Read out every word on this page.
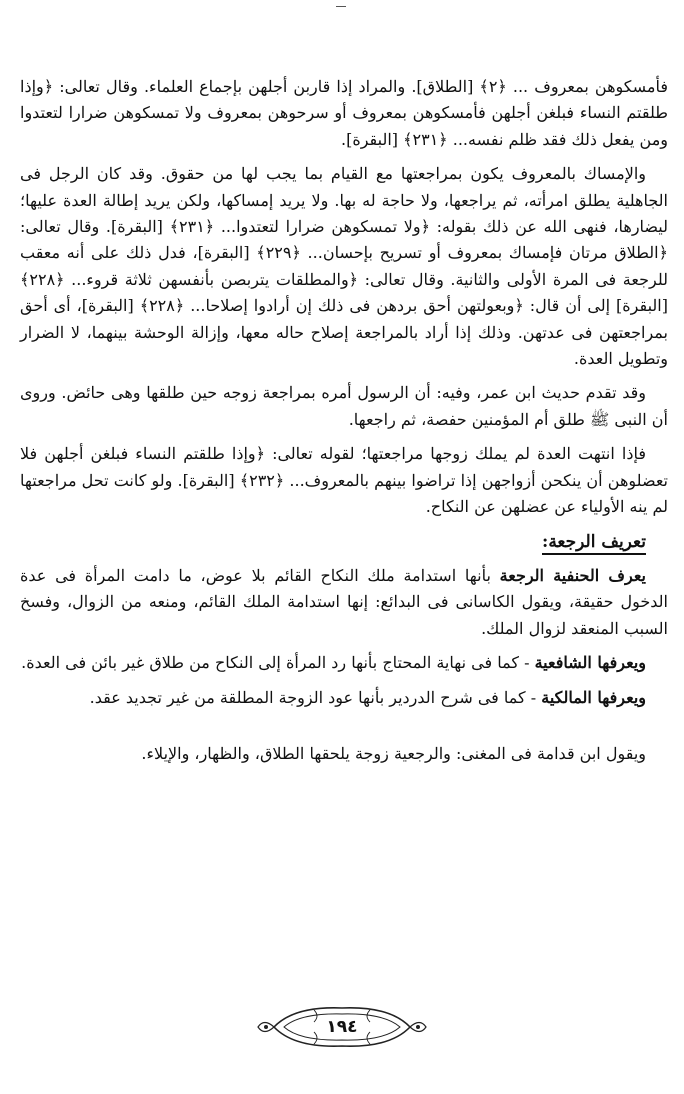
فأمسكوهن بمعروف ... ﴿٢﴾ [الطلاق]. والمراد إذا قاربن أجلهن بإجماع العلماء. وقال تعالى: ﴿وإذا طلقتم النساء فبلغن أجلهن فأمسكوهن بمعروف أو سرحوهن بمعروف ولا تمسكوهن ضرارا لتعتدوا ومن يفعل ذلك فقد ظلم نفسه... ﴿٢٣١﴾ [البقرة].

والإمساك بالمعروف يكون بمراجعتها مع القيام بما يجب لها من حقوق. وقد كان الرجل فى الجاهلية يطلق امرأته، ثم يراجعها، ولا حاجة له بها. ولا يريد إمساكها، ولكن يريد إطالة العدة عليها؛ ليضارها، فنهى الله عن ذلك بقوله: ﴿ولا تمسكوهن ضرارا لتعتدوا... ﴿٢٣١﴾ [البقرة]. وقال تعالى: ﴿الطلاق مرتان فإمساك بمعروف أو تسريح بإحسان... ﴿٢٢٩﴾ [البقرة]، فدل ذلك على أنه معقب للرجعة فى المرة الأولى والثانية. وقال تعالى: ﴿والمطلقات يتربصن بأنفسهن ثلاثة قروء... ﴿٢٢٨﴾ [البقرة] إلى أن قال: ﴿وبعولتهن أحق بردهن فى ذلك إن أرادوا إصلاحا... ﴿٢٢٨﴾ [البقرة]، أى أحق بمراجعتهن فى عدتهن. وذلك إذا أراد بالمراجعة إصلاح حاله معها، وإزالة الوحشة بينهما، لا الضرار وتطويل العدة.

وقد تقدم حديث ابن عمر، وفيه: أن الرسول أمره بمراجعة زوجه حين طلقها وهى حائض. وروى أن النبى ﷺ طلق أم المؤمنين حفصة، ثم راجعها.

فإذا انتهت العدة لم يملك زوجها مراجعتها؛ لقوله تعالى: ﴿وإذا طلقتم النساء فبلغن أجلهن فلا تعضلوهن أن ينكحن أزواجهن إذا تراضوا بينهم بالمعروف... ﴿٢٣٢﴾ [البقرة]. ولو كانت تحل مراجعتها لم ينه الأولياء عن عضلهن عن النكاح.

تعريف الرجعة:

يعرف الحنفية الرجعة بأنها استدامة ملك النكاح القائم بلا عوض، ما دامت المرأة فى عدة الدخول حقيقة، ويقول الكاسانى فى البدائع: إنها استدامة الملك القائم، ومنعه من الزوال، وفسخ السبب المنعقد لزوال الملك.

ويعرفها الشافعية - كما فى نهاية المحتاج بأنها رد المرأة إلى النكاح من طلاق غير بائن فى العدة.

ويعرفها المالكية - كما فى شرح الدردير بأنها عود الزوجة المطلقة من غير تجديد عقد.

ويقول ابن قدامة فى المغنى: والرجعية زوجة يلحقها الطلاق، والظهار، والإيلاء.

١٩٤
